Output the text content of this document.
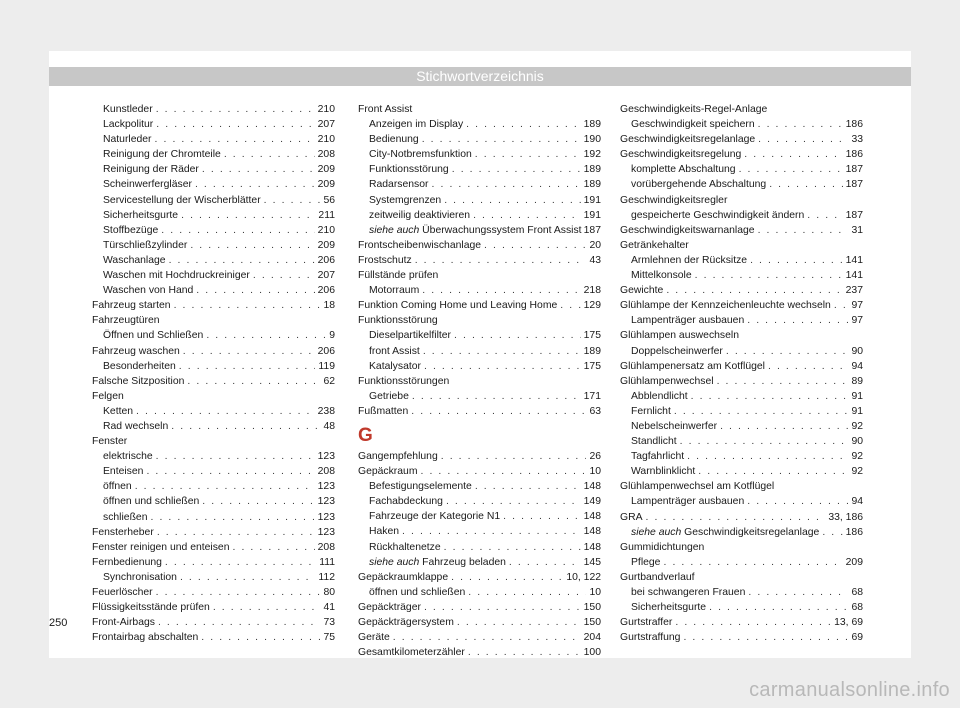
Stichwortverzeichnis
Kunstleder . . .	210
Lackpolitur . . .	207
Naturleder . . .	210
Reinigung der Chromteile . . .	208
Reinigung der Räder . . .	209
Scheinwerfergläser . . .	209
Servicestellung der Wischerblätter . . .	56
Sicherheitsgurte . . .	211
Stoffbezüge . . .	210
Türschließzylinder . . .	209
Waschanlage . . .	206
Waschen mit Hochdruckreiniger . . .	207
Waschen von Hand . . .	206
Fahrzeug starten . . .	18
Fahrzeugtüren
Öffnen und Schließen . . .	9
Fahrzeug waschen . . .	206
Besonderheiten . . .	119
Falsche Sitzposition . . .	62
Felgen
Ketten . . .	238
Rad wechseln . . .	48
Fenster
elektrische . . .	123
Enteisen . . .	208
öffnen . . .	123
öffnen und schließen . . .	123
schließen . . .	123
Fensterheber . . .	123
Fenster reinigen und enteisen . . .	208
Fernbedienung . . .	111
Synchronisation . . .	112
Feuerlöscher . . .	80
Flüssigkeitsstände prüfen . . .	41
Front-Airbags . . .	73
Frontairbag abschalten . . .	75
Front Assist
Anzeigen im Display . . .	189
Bedienung . . .	190
City-Notbremsfunktion . . .	192
Funktionsstörung . . .	189
Radarsensor . . .	189
Systemgrenzen . . .	191
zeitweilig deaktivieren . . .	191
siehe auch Überwachungssystem Front Assist 187
Frontscheibenwischanlage . . .	20
Frostschutz . . .	43
Füllstände prüfen
Motorraum . . .	218
Funktion Coming Home und Leaving Home . . .	129
Funktionsstörung
Dieselpartikelfilter . . .	175
front Assist . . .	189
Katalysator . . .	175
Funktionsstörungen
Getriebe . . .	171
Fußmatten . . .	63
G
Gangempfehlung . . .	26
Gepäckraum . . .	10
Befestigungselemente . . .	148
Fachabdeckung . . .	149
Fahrzeuge der Kategorie N1 . . .	148
Haken . . .	148
Rückhaltenetze . . .	148
siehe auch Fahrzeug beladen . . .	145
Gepäckraumklappe . . .	10, 122
öffnen und schließen . . .	10
Gepäckträger . . .	150
Gepäckträgersystem . . .	150
Geräte . . .	204
Gesamtkilometerzähler . . .	100
Geschwindigkeits-Regel-Anlage
Geschwindigkeit speichern . . .	186
Geschwindigkeitsregelanlage . . .	33
Geschwindigkeitsregelung . . .	186
komplette Abschaltung . . .	187
vorübergehende Abschaltung . . .	187
Geschwindigkeitsregler
gespeicherte Geschwindigkeit ändern . . .	187
Geschwindigkeitswarnanlage . . .	31
Getränkehalter
Armlehnen der Rücksitze . . .	141
Mittelkonsole . . .	141
Gewichte . . .	237
Glühlampe der Kennzeichenleuchte wechseln . . . 97
Lampenträger ausbauen . . .	97
Glühlampen auswechseln
Doppelscheinwerfer . . .	90
Glühlampenersatz am Kotflügel . . .	94
Glühlampenwechsel . . .	89
Abblendlicht . . .	91
Fernlicht . . .	91
Nebelscheinwerfer . . .	92
Standlicht . . .	90
Tagfahrlicht . . .	92
Warnblinklicht . . .	92
Glühlampenwechsel am Kotflügel
Lampenträger ausbauen . . .	94
GRA . . .	33, 186
siehe auch Geschwindigkeitsregelanlage . . .	186
Gummidichtungen
Pflege . . .	209
Gurtbandverlauf
bei schwangeren Frauen . . .	68
Sicherheitsgurte . . .	68
Gurtstraffer . . .	13, 69
Gurtstraffung . . .	69
250
carmanualsonline.info
